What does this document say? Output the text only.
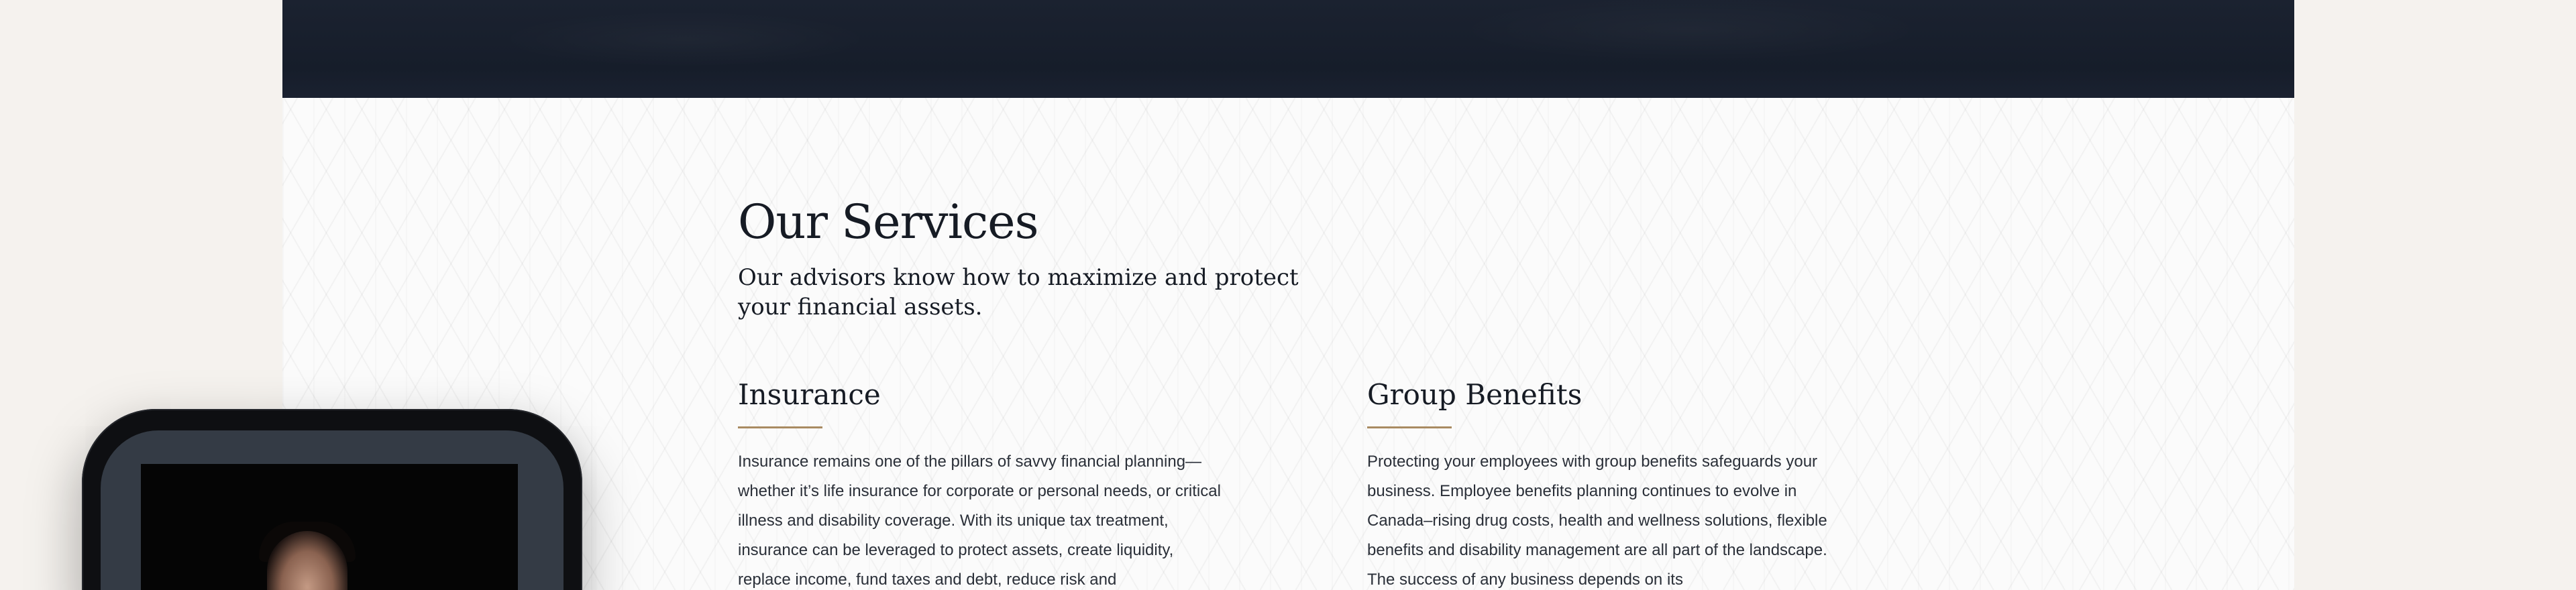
Our Services

Our advisors know how to maximize and protect your financial assets.

Insurance

Insurance remains one of the pillars of savvy financial planning—whether it’s life insurance for corporate or personal needs, or critical illness and disability coverage. With its unique tax treatment, insurance can be leveraged to protect assets, create liquidity, replace income, fund taxes and debt, reduce risk and

Group Benefits

Protecting your employees with group benefits safeguards your business. Employee benefits planning continues to evolve in Canada–rising drug costs, health and wellness solutions, flexible benefits and disability management are all part of the landscape. The success of any business depends on its
